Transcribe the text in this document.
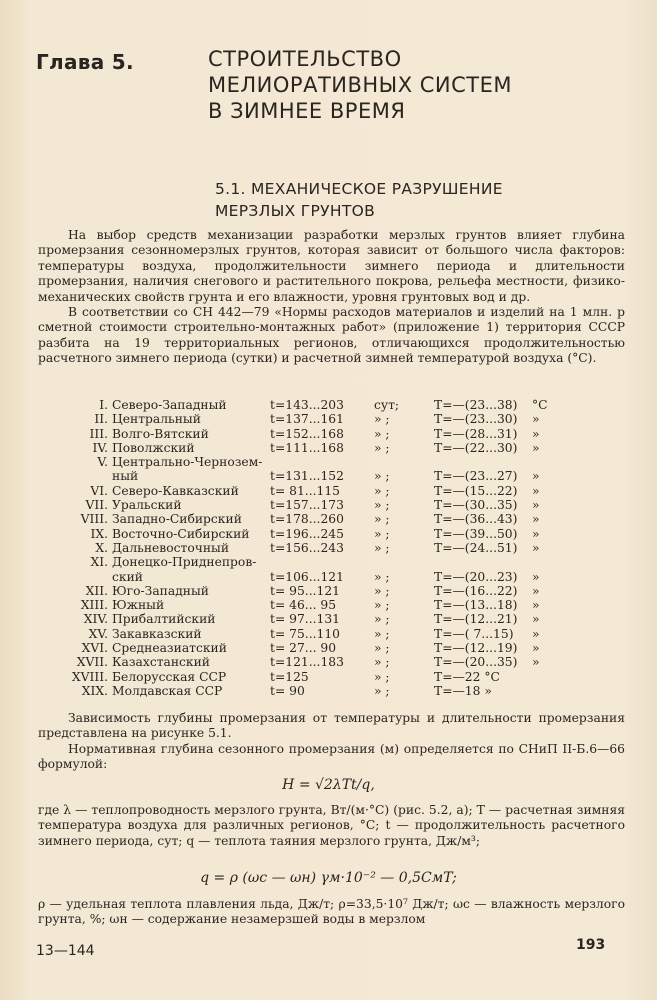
Глава 5.	СТРОИТЕЛЬСТВО
МЕЛИОРАТИВНЫХ СИСТЕМ
В ЗИМНЕЕ ВРЕМЯ
5.1. МЕХАНИЧЕСКОЕ РАЗРУШЕНИЕ
МЕРЗЛЫХ ГРУНТОВ

На выбор средств механизации разработки мерзлых грунтов влияет глубина промерзания сезонномерзлых грунтов, которая зависит от большого числа факторов: температуры воздуха, продолжительности зимнего периода и длительности промерзания, наличия снегового и растительного покрова, рельефа местности, физико-механических свойств грунта и его влажности, уровня грунтовых вод и др.

В соответствии со СН 442—79 «Нормы расходов материалов и изделий на 1 млн. р сметной стоимости строительно-монтажных работ» (приложение 1) территория СССР разбита на 19 территориальных регионов, отличающихся продолжительностью расчетного зимнего периода (сутки) и расчетной зимней температурой воздуха (°С).

I. Северо-Западный	t=143...203 сут;	T=—(23...38) °С
II. Центральный	t=137...161 » ;	T=—(23...30) »
III. Волго-Вятский	t=152...168 » ;	T=—(28...31) »
IV. Поволжский	t=111...168 » ;	T=—(22...30) »
V. Центрально-Чернозем-
ный	t=131...152 » ;	T=—(23...27) »
VI. Северо-Кавказский	t= 81...115	» ;	T=—(15...22) »
VII. Уральский	t=157...173 » ;	T=—(30...35) »
VIII. Западно-Сибирский t=178...260 » ;	T=—(36...43) »
IX. Восточно-Сибирский t=196...245 » ;	T=—(39...50) »
X. Дальневосточный	t=156...243 » ;	T=—(24...51) »
XI. Донецко-Приднепров-
ский	t=106...121 » ;	T=—(20...23) »
XII. Юго-Западный	t= 95...121	» ;	T=—(16...22) »
XIII. Южный	t= 46... 95	» ;	T=—(13...18) »
XIV. Прибалтийский	t= 97...131	» ;	T=—(12...21) »
XV. Закавказский	t= 75...110	» ;	T=—( 7...15) »
XVI. Среднеазиатский	t= 27... 90	» ;	T=—(12...19) »
XVII. Казахстанский	t=121...183 » ;	T=—(20...35) »
XVIII. Белорусская ССР	t=125	» ;	T=—22 °С
XIX. Молдавская ССР	t= 90	» ;	T=—18 »

Зависимость глубины промерзания от температуры и длительности промерзания представлена на рисунке 5.1.

Нормативная глубина сезонного промерзания (м) определяется по СНиП II-Б.6—66 формулой:

H = √2λTt/q,

где λ — теплопроводность мерзлого грунта, Вт/(м·°С) (рис. 5.2, а); T — расчетная зимняя температура воздуха для различных регионов, °С; t — продолжительность расчетного зимнего периода, сут; q — теплота таяния мерзлого грунта, Дж/м³;

q = ρ (ωс — ωн) γм·10⁻² — 0,5CмT;

ρ — удельная теплота плавления льда, Дж/т; ρ=33,5·10⁷ Дж/т; ωс — влажность мерзлого грунта, %; ωн — содержание незамерзшей воды в мерзлом

13—144	193
